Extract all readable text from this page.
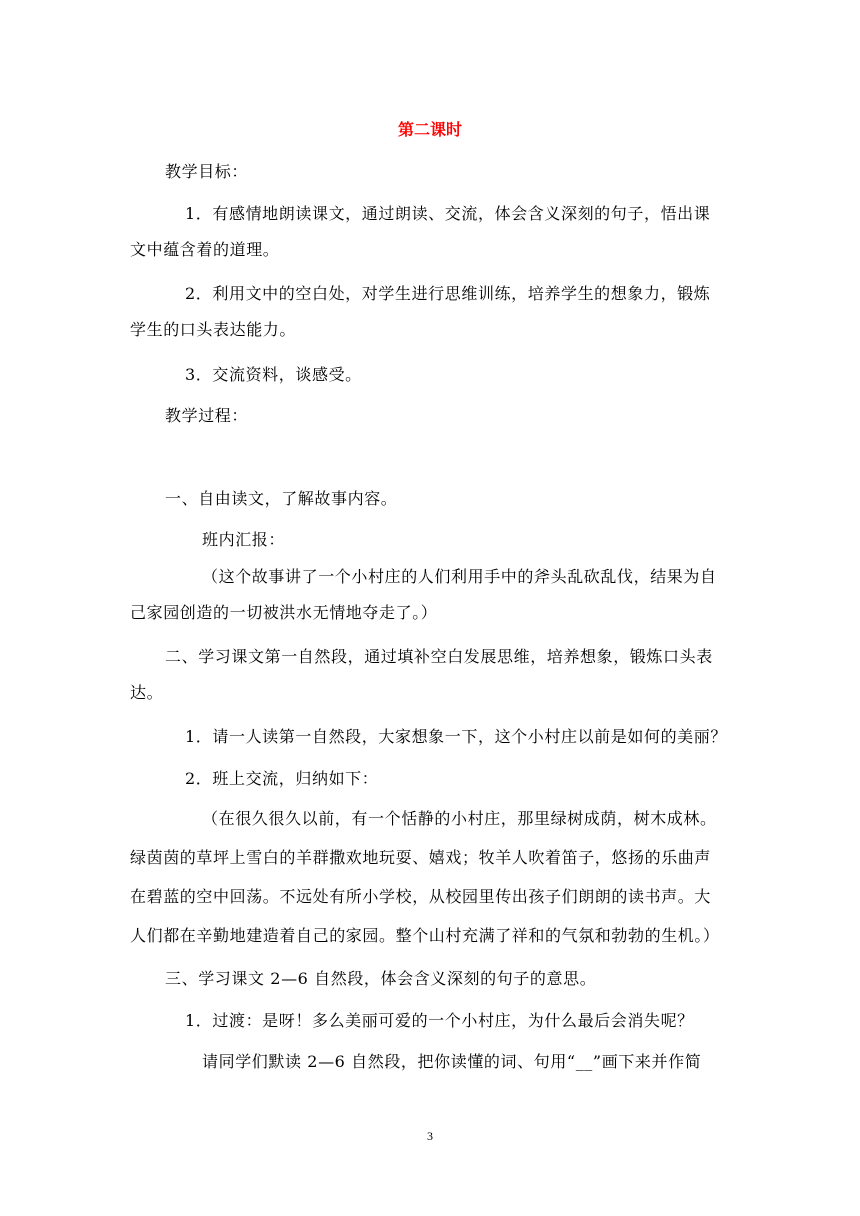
第二课时
教学目标：
1．有感情地朗读课文，通过朗读、交流，体会含义深刻的句子，悟出课
文中蕴含着的道理。
2．利用文中的空白处，对学生进行思维训练，培养学生的想象力，锻炼
学生的口头表达能力。
3．交流资料，谈感受。
教学过程：
一、自由读文，了解故事内容。
班内汇报：
（这个故事讲了一个小村庄的人们利用手中的斧头乱砍乱伐，结果为自
己家园创造的一切被洪水无情地夺走了。）
二、学习课文第一自然段，通过填补空白发展思维，培养想象，锻炼口头表
达。
1．请一人读第一自然段，大家想象一下，这个小村庄以前是如何的美丽？
2．班上交流，归纳如下：
（在很久很久以前，有一个恬静的小村庄，那里绿树成荫，树木成林。
绿茵茵的草坪上雪白的羊群撒欢地玩耍、嬉戏；牧羊人吹着笛子，悠扬的乐曲声
在碧蓝的空中回荡。不远处有所小学校，从校园里传出孩子们朗朗的读书声。大
人们都在辛勤地建造着自己的家园。整个山村充满了祥和的气氛和勃勃的生机。）
三、学习课文 2—6 自然段，体会含义深刻的句子的意思。
1．过渡：是呀！多么美丽可爱的一个小村庄，为什么最后会消失呢？
请同学们默读 2—6 自然段，把你读懂的词、句用“__”画下来并作简
3
